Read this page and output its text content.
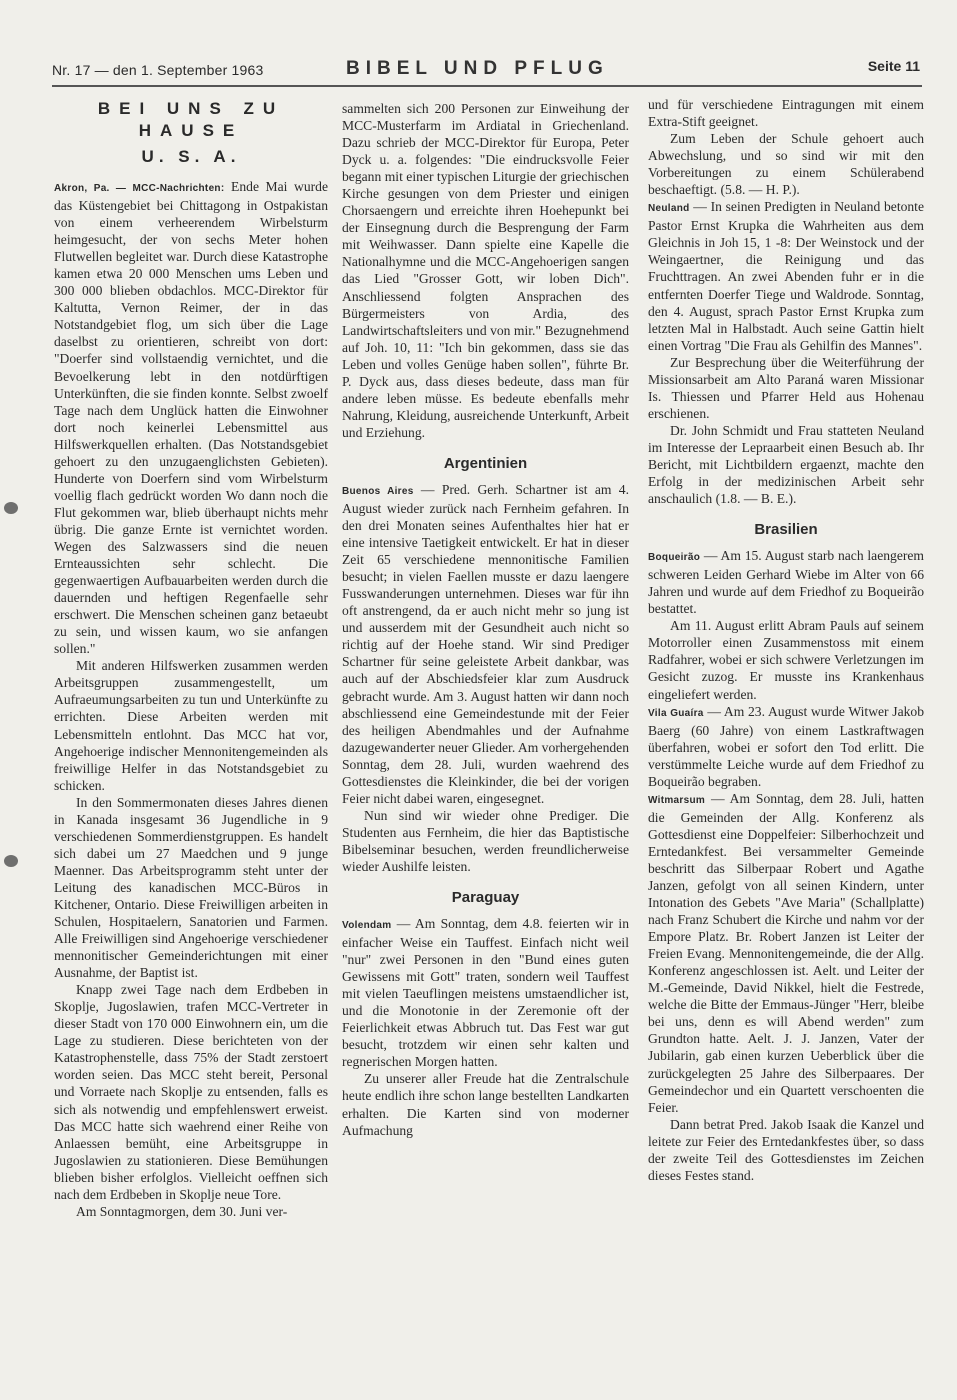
Nr. 17 — den 1. September 1963	BIBEL UND PFLUG	Seite 11
BEI UNS ZU HAUSE
U. S. A.

Akron, Pa. — MCC-Nachrichten: Ende Mai wurde das Küstengebiet bei Chittagong in Ostpakistan von einem verheerendem Wirbelsturm heimgesucht, der von sechs Meter hohen Flutwellen begleitet war. Durch diese Katastrophe kamen etwa 20 000 Menschen ums Leben und 300 000 blieben obdachlos. MCC-Direktor für Kaltutta, Vernon Reimer, der in das Notstandgebiet flog, um sich über die Lage daselbst zu orientieren, schreibt von dort: "Doerfer sind vollstaendig vernichtet, und die Bevoelkerung lebt in den notdürftigen Unterkünften, die sie finden konnte. Selbst zwoelf Tage nach dem Unglück hatten die Einwohner dort noch keinerlei Lebensmittel aus Hilfswerkquellen erhalten. (Das Notstandsgebiet gehoert zu den unzugaenglichsten Gebieten). Hunderte von Doerfern sind vom Wirbelsturm voellig flach gedrückt worden Wo dann noch die Flut gekommen war, blieb überhaupt nichts mehr übrig. Die ganze Ernte ist vernichtet worden. Wegen des Salzwassers sind die neuen Ernteaussichten sehr schlecht. Die gegenwaertigen Aufbauarbeiten werden durch die dauernden und heftigen Regenfaelle sehr erschwert. Die Menschen scheinen ganz betaeubt zu sein, und wissen kaum, wo sie anfangen sollen."

Mit anderen Hilfswerken zusammen werden Arbeitsgruppen zusammengestellt, um Aufraeumungsarbeiten zu tun und Unterkünfte zu errichten. Diese Arbeiten werden mit Lebensmitteln entlohnt. Das MCC hat vor, Angehoerige indischer Mennonitengemeinden als freiwillige Helfer in das Notstandsgebiet zu schicken.

In den Sommermonaten dieses Jahres dienen in Kanada insgesamt 36 Jugendliche in 9 verschiedenen Sommerdienstgruppen. Es handelt sich dabei um 27 Maedchen und 9 junge Maenner. Das Arbeitsprogramm steht unter der Leitung des kanadischen MCC-Büros in Kitchener, Ontario. Diese Freiwilligen arbeiten in Schulen, Hospitaelern, Sanatorien und Farmen. Alle Freiwilligen sind Angehoerige verschiedener mennonitischer Gemeinderichtungen mit einer Ausnahme, der Baptist ist.

Knapp zwei Tage nach dem Erdbeben in Skoplje, Jugoslawien, trafen MCC-Vertreter in dieser Stadt von 170 000 Einwohnern ein, um die Lage zu studieren. Diese berichteten von der Katastrophenstelle, dass 75% der Stadt zerstoert worden seien. Das MCC steht bereit, Personal und Vorraete nach Skoplje zu entsenden, falls es sich als notwendig und empfehlenswert erweist. Das MCC hatte sich waehrend einer Reihe von Anlaessen bemüht, eine Arbeitsgruppe in Jugoslawien zu stationieren. Diese Bemühungen blieben bisher erfolglos. Vielleicht oeffnen sich nach dem Erdbeben in Skoplje neue Tore.

Am Sonntagmorgen, dem 30. Juni ver-

sammelten sich 200 Personen zur Einweihung der MCC-Musterfarm im Ardiatal in Griechenland. Dazu schrieb der MCC-Direktor für Europa, Peter Dyck u. a. folgendes: "Die eindrucksvolle Feier begann mit einer typischen Liturgie der griechischen Kirche gesungen von dem Priester und einigen Chorsaengern und erreichte ihren Hoehepunkt bei der Einsegnung durch die Besprengung der Farm mit Weihwasser. Dann spielte eine Kapelle die Nationalhymne und die MCC-Angehoerigen sangen das Lied "Grosser Gott, wir loben Dich". Anschliessend folgten Ansprachen des Bürgermeisters von Ardia, des Landwirtschaftsleiters und von mir." Bezugnehmend auf Joh. 10, 11: "Ich bin gekommen, dass sie das Leben und volles Genüge haben sollen", führte Br. P. Dyck aus, dass dieses bedeute, dass man für andere leben müsse. Es bedeute ebenfalls mehr Nahrung, Kleidung, ausreichende Unterkunft, Arbeit und Erziehung.

Argentinien

Buenos Aires — Pred. Gerh. Schartner ist am 4. August wieder zurück nach Fernheim gefahren. In den drei Monaten seines Aufenthaltes hier hat er eine intensive Taetigkeit entwickelt. Er hat in dieser Zeit 65 verschiedene mennonitische Familien besucht; in vielen Faellen musste er dazu laengere Fusswanderungen unternehmen. Dieses war für ihn oft anstrengend, da er auch nicht mehr so jung ist und ausserdem mit der Gesundheit auch nicht so richtig auf der Hoehe stand. Wir sind Prediger Schartner für seine geleistete Arbeit dankbar, was auch auf der Abschiedsfeier klar zum Ausdruck gebracht wurde. Am 3. August hatten wir dann noch abschliessend eine Gemeindestunde mit der Feier des heiligen Abendmahles und der Aufnahme dazugewanderter neuer Glieder. Am vorhergehenden Sonntag, dem 28. Juli, wurden waehrend des Gottesdienstes die Kleinkinder, die bei der vorigen Feier nicht dabei waren, eingesegnet.

Nun sind wir wieder ohne Prediger. Die Studenten aus Fernheim, die hier das Baptistische Bibelseminar besuchen, werden freundlicherweise wieder Aushilfe leisten.

Paraguay

Volendam — Am Sonntag, dem 4.8. feierten wir in einfacher Weise ein Tauffest. Einfach nicht weil "nur" zwei Personen in den "Bund eines guten Gewissens mit Gott" traten, sondern weil Tauffest mit vielen Taeuflingen meistens umstaendlicher ist, und die Monotonie in der Zeremonie oft der Feierlichkeit etwas Abbruch tut. Das Fest war gut besucht, trotzdem wir einen sehr kalten und regnerischen Morgen hatten.

Zu unserer aller Freude hat die Zentralschule heute endlich ihre schon lange bestellten Landkarten erhalten. Die Karten sind von moderner Aufmachung

und für verschiedene Eintragungen mit einem Extra-Stift geeignet.

Zum Leben der Schule gehoert auch Abwechslung, und so sind wir mit den Vorbereitungen zu einem Schülerabend beschaeftigt. (5.8. — H. P.).

Neuland — In seinen Predigten in Neuland betonte Pastor Ernst Krupka die Wahrheiten aus dem Gleichnis in Joh 15, 1 -8: Der Weinstock und der Weingaertner, die Reinigung und das Fruchttragen. An zwei Abenden fuhr er in die entfernten Doerfer Tiege und Waldrode. Sonntag, den 4. August, sprach Pastor Ernst Krupka zum letzten Mal in Halbstadt. Auch seine Gattin hielt einen Vortrag "Die Frau als Gehilfin des Mannes".

Zur Besprechung über die Weiterführung der Missionsarbeit am Alto Paraná waren Missionar Is. Thiessen und Pfarrer Held aus Hohenau erschienen.

Dr. John Schmidt und Frau statteten Neuland im Interesse der Lepraarbeit einen Besuch ab. Ihr Bericht, mit Lichtbildern ergaenzt, machte den Erfolg in der medizinischen Arbeit sehr anschaulich (1.8. — B. E.).

Brasilien

Boqueirão — Am 15. August starb nach laengerem schweren Leiden Gerhard Wiebe im Alter von 66 Jahren und wurde auf dem Friedhof zu Boqueirão bestattet.

Am 11. August erlitt Abram Pauls auf seinem Motorroller einen Zusammenstoss mit einem Radfahrer, wobei er sich schwere Verletzungen im Gesicht zuzog. Er musste ins Krankenhaus eingeliefert werden.

Vila Guaíra — Am 23. August wurde Witwer Jakob Baerg (60 Jahre) von einem Lastkraftwagen überfahren, wobei er sofort den Tod erlitt. Die verstümmelte Leiche wurde auf dem Friedhof zu Boqueirão begraben.

Witmarsum — Am Sonntag, dem 28. Juli, hatten die Gemeinden der Allg. Konferenz als Gottesdienst eine Doppelfeier: Silberhochzeit und Erntedankfest. Bei versammelter Gemeinde beschritt das Silberpaar Robert und Agathe Janzen, gefolgt von all seinen Kindern, unter Intonation des Gebets "Ave Maria" (Schallplatte) nach Franz Schubert die Kirche und nahm vor der Empore Platz. Br. Robert Janzen ist Leiter der Freien Evang. Mennonitengemeinde, die der Allg. Konferenz angeschlossen ist. Aelt. und Leiter der M.-Gemeinde, David Nikkel, hielt die Festrede, welche die Bitte der Emmaus-Jünger "Herr, bleibe bei uns, denn es will Abend werden" zum Grundton hatte. Aelt. J. J. Janzen, Vater der Jubilarin, gab einen kurzen Ueberblick über die zurückgelegten 25 Jahre des Silberpaares. Der Gemeindechor und ein Quartett verschoenten die Feier.

Dann betrat Pred. Jakob Isaak die Kanzel und leitete zur Feier des Erntedankfestes über, so dass der zweite Teil des Gottesdienstes im Zeichen dieses Festes stand.
